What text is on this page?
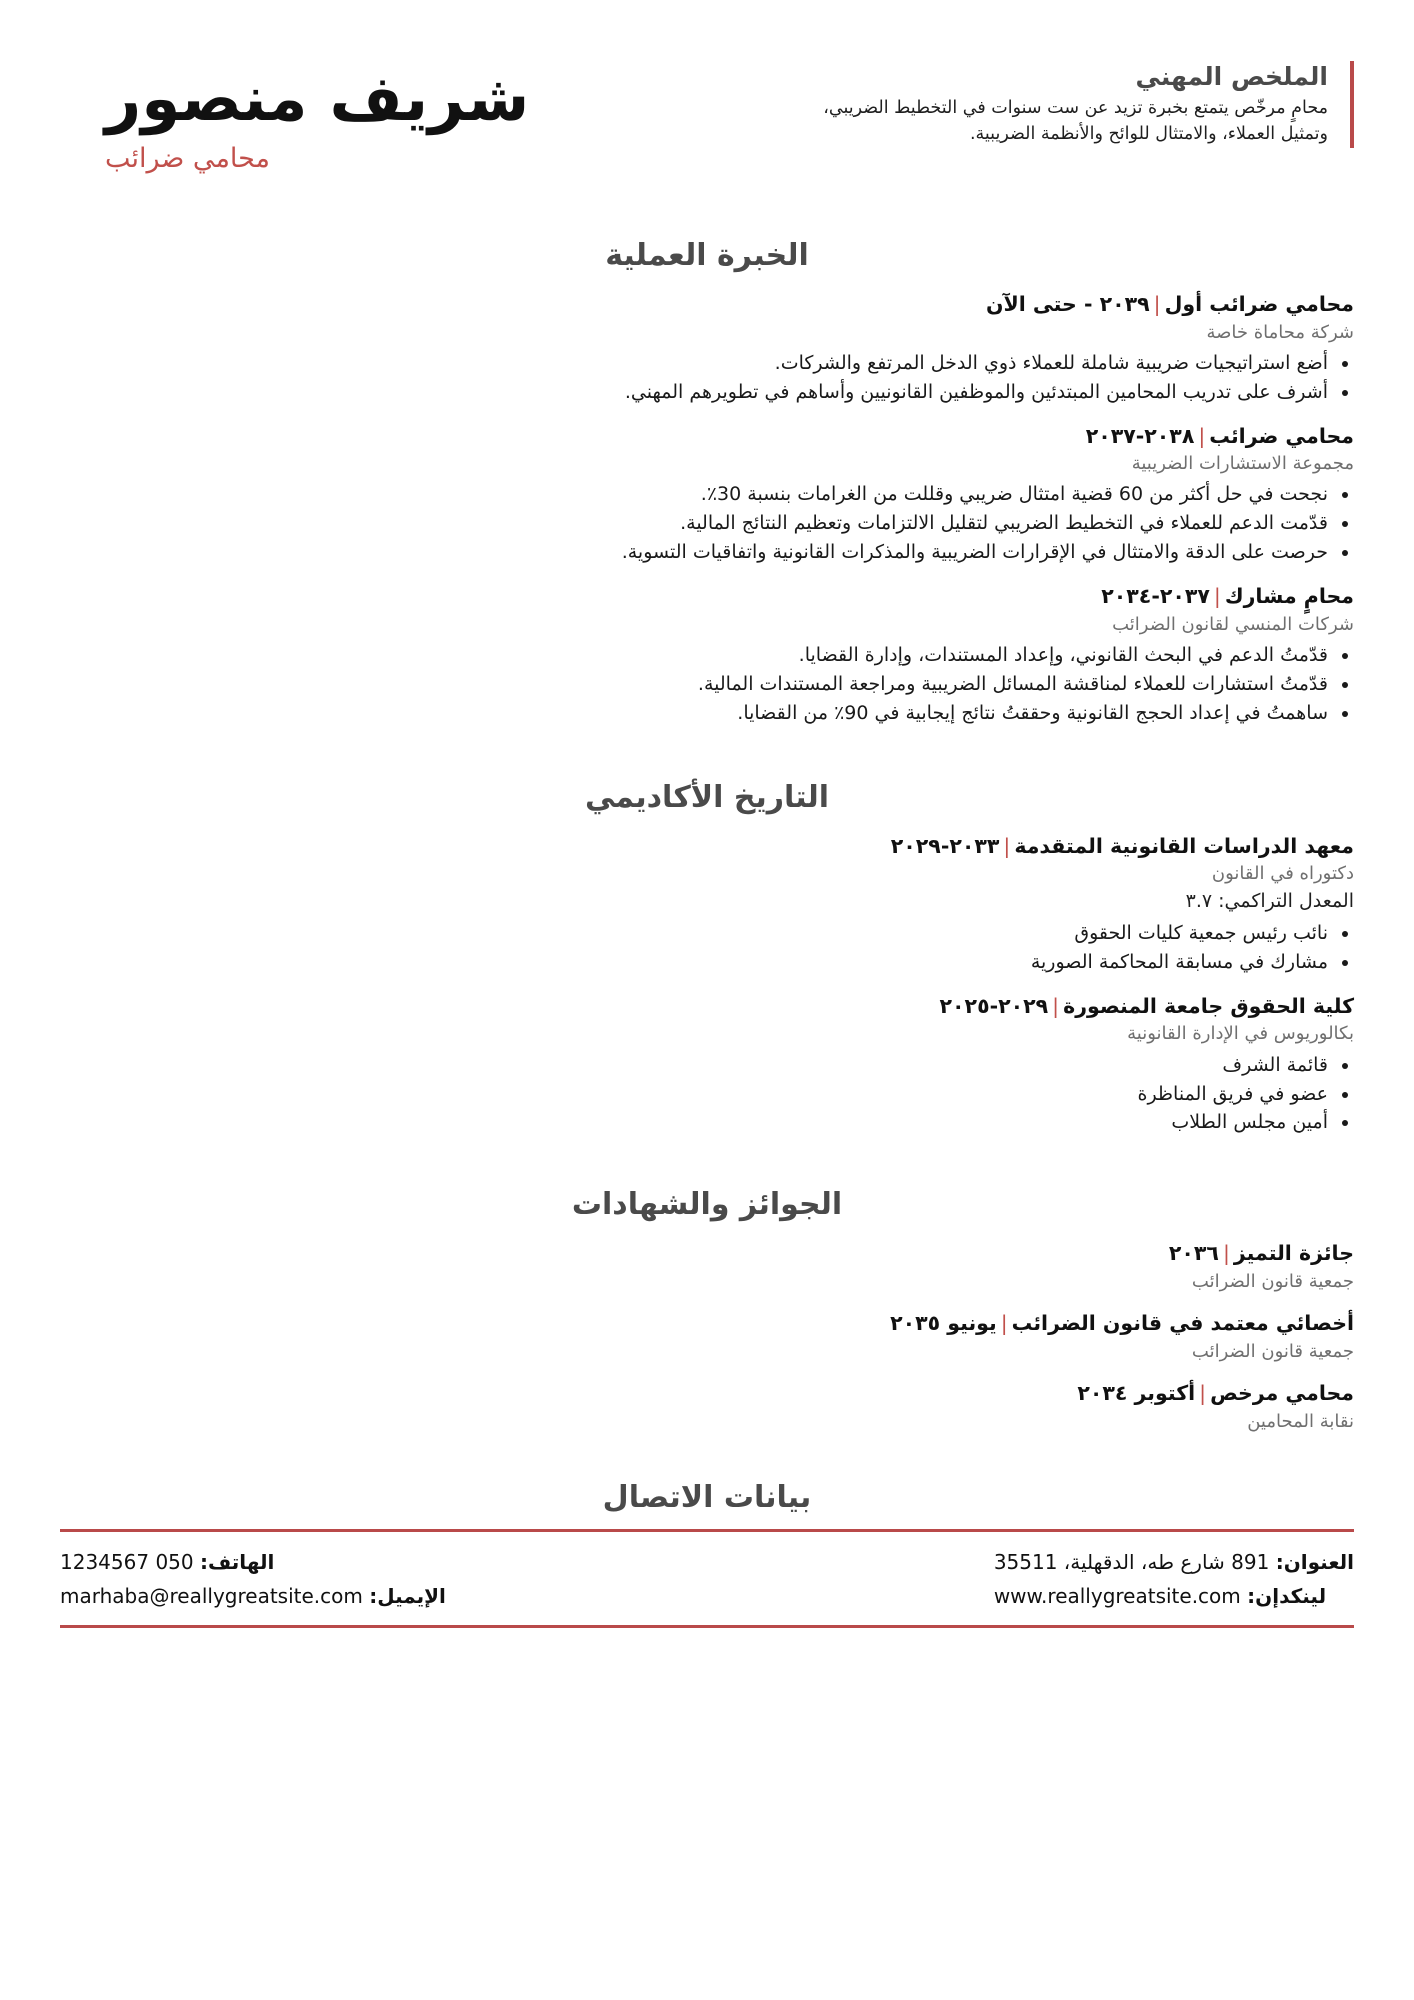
الملخص المهني
محامٍ مرخّص يتمتع بخبرة تزيد عن ست سنوات في التخطيط الضريبي، وتمثيل العملاء، والامتثال للوائح والأنظمة الضريبية.
شريف منصور
محامي ضرائب
الخبرة العملية
محامي ضرائب أول|٢٠٣٩ - حتى الآن
شركة محاماة خاصة
أضع استراتيجيات ضريبية شاملة للعملاء ذوي الدخل المرتفع والشركات.
أشرف على تدريب المحامين المبتدئين والموظفين القانونيين وأساهم في تطويرهم المهني.
محامي ضرائب|٢٠٣٨-٢٠٣٧
مجموعة الاستشارات الضريبية
نجحت في حل أكثر من 60 قضية امتثال ضريبي وقللت من الغرامات بنسبة 30٪.
قدّمت الدعم للعملاء في التخطيط الضريبي لتقليل الالتزامات وتعظيم النتائج المالية.
حرصت على الدقة والامتثال في الإقرارات الضريبية والمذكرات القانونية واتفاقيات التسوية.
محامٍ مشارك|٢٠٣٧-٢٠٣٤
شركات المنسي لقانون الضرائب
قدّمتُ الدعم في البحث القانوني، وإعداد المستندات، وإدارة القضايا.
قدّمتُ استشارات للعملاء لمناقشة المسائل الضريبية ومراجعة المستندات المالية.
ساهمتُ في إعداد الحجج القانونية وحققتُ نتائج إيجابية في 90٪ من القضايا.
التاريخ الأكاديمي
معهد الدراسات القانونية المتقدمة|٢٠٣٣-٢٠٢٩
دكتوراه في القانون
المعدل التراكمي: ٣.٧
نائب رئيس جمعية كليات الحقوق
مشارك في مسابقة المحاكمة الصورية
كلية الحقوق جامعة المنصورة|٢٠٢٩-٢٠٢٥
بكالوريوس في الإدارة القانونية
قائمة الشرف
عضو في فريق المناظرة
أمين مجلس الطلاب
الجوائز والشهادات
جائزة التميز|٢٠٣٦
جمعية قانون الضرائب
أخصائي معتمد في قانون الضرائب|يونيو ٢٠٣٥
جمعية قانون الضرائب
محامي مرخص|أكتوبر ٢٠٣٤
نقابة المحامين
بيانات الاتصال
العنوان: 891 شارع طه، الدقهلية، 35511
لينكدإن: www.reallygreatsite.com
الهاتف: 050 1234567
الإيميل: marhaba@reallygreatsite.com
